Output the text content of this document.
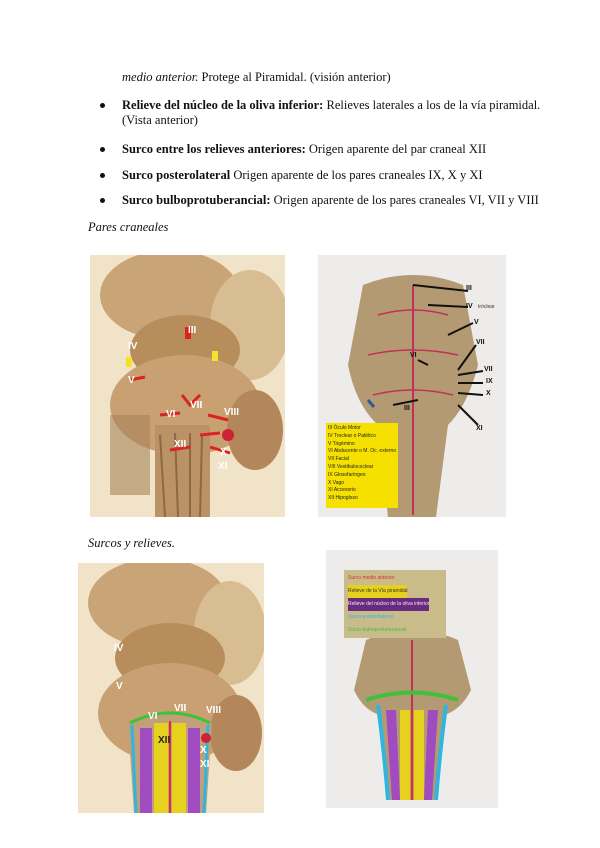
medio anterior. Protege al Piramidal. (visión anterior)
Relieve del núcleo de la oliva inferior: Relieves laterales a los de la vía piramidal. (Vista anterior)
Surco entre los relieves anteriores: Origen aparente del par craneal XII
Surco posterolateral Origen aparente de los pares craneales IX, X y XI
Surco bulboprotuberancial: Origen aparente de los pares craneales VI, VII y VIII
Pares craneales
III
IV
V
VI
VII
VIII
XII
XI
X
III
IV tróclear
V
VI
VII
VII
IX
X
XI
III
III Óculo Motor
IV Troclear o Patético
V Trigémino
VI Abducente o M. Oc. externo
VII Facial
VIII Vestibulococlear
IX Glosofaríngeo
X Vago
XI Accesorio
XII Hipogloso
Surcos y relieves.
IV
V
VI
VII VIII
XII
XI
X
Surco medio anterior
Relieve de la Vía piramidal Relieve del núcleo de la oliva inferior
Surco posterolateral
Surco bulboprotuberancial
